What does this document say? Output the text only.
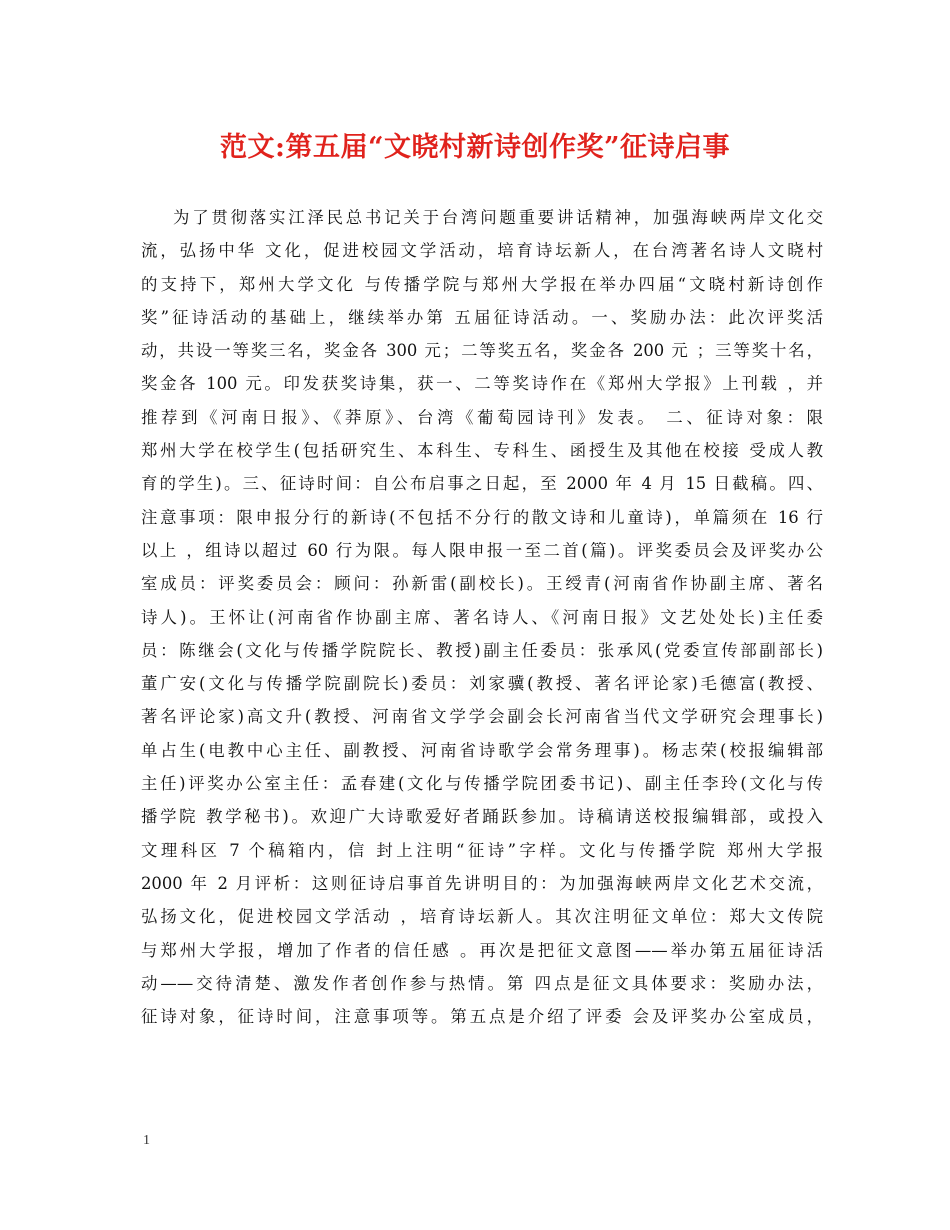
范文:第五届“文晓村新诗创作奖”征诗启事
为了贯彻落实江泽民总书记关于台湾问题重要讲话精神，加强海峡两岸文化交
流，弘扬中华 文化，促进校园文学活动，培育诗坛新人，在台湾著名诗人文晓村
的支持下，郑州大学文化 与传播学院与郑州大学报在举办四届“文晓村新诗创作
奖”征诗活动的基础上，继续举办第 五届征诗活动。一、奖励办法：此次评奖活
动，共设一等奖三名，奖金各 300 元；二等奖五名，奖金各 200 元 ；三等奖十名，
奖金各 100 元。印发获奖诗集，获一、二等奖诗作在《郑州大学报》上刊载 ，并
推荐到《河南日报》、《莽原》、台湾《葡萄园诗刊》发表。 二、征诗对象：限
郑州大学在校学生(包括研究生、本科生、专科生、函授生及其他在校接 受成人教
育的学生)。三、征诗时间：自公布启事之日起，至 2000 年 4 月 15 日截稿。四、
注意事项：限申报分行的新诗(不包括不分行的散文诗和儿童诗)，单篇须在 16 行
以上 ，组诗以超过 60 行为限。每人限申报一至二首(篇)。评奖委员会及评奖办公
室成员：评奖委员会：顾问：孙新雷(副校长)。王绶青(河南省作协副主席、著名
诗人)。王怀让(河南省作协副主席、著名诗人、《河南日报》文艺处处长)主任委
员：陈继会(文化与传播学院院长、教授)副主任委员：张承风(党委宣传部副部长)
董广安(文化与传播学院副院长)委员：刘家骥(教授、著名评论家)毛德富(教授、
著名评论家)高文升(教授、河南省文学学会副会长河南省当代文学研究会理事长)
单占生(电教中心主任、副教授、河南省诗歌学会常务理事)。杨志荣(校报编辑部
主任)评奖办公室主任：孟春建(文化与传播学院团委书记)、副主任李玲(文化与传
播学院 教学秘书)。欢迎广大诗歌爱好者踊跃参加。诗稿请送校报编辑部，或投入
文理科区 7 个稿箱内，信 封上注明“征诗”字样。文化与传播学院 郑州大学报
2000 年 2 月评析：这则征诗启事首先讲明目的：为加强海峡两岸文化艺术交流，
弘扬文化，促进校园文学活动 ，培育诗坛新人。其次注明征文单位：郑大文传院
与郑州大学报，增加了作者的信任感 。再次是把征文意图——举办第五届征诗活
动——交待清楚、激发作者创作参与热情。第 四点是征文具体要求：奖励办法，
征诗对象，征诗时间，注意事项等。第五点是介绍了评委 会及评奖办公室成员，
1
